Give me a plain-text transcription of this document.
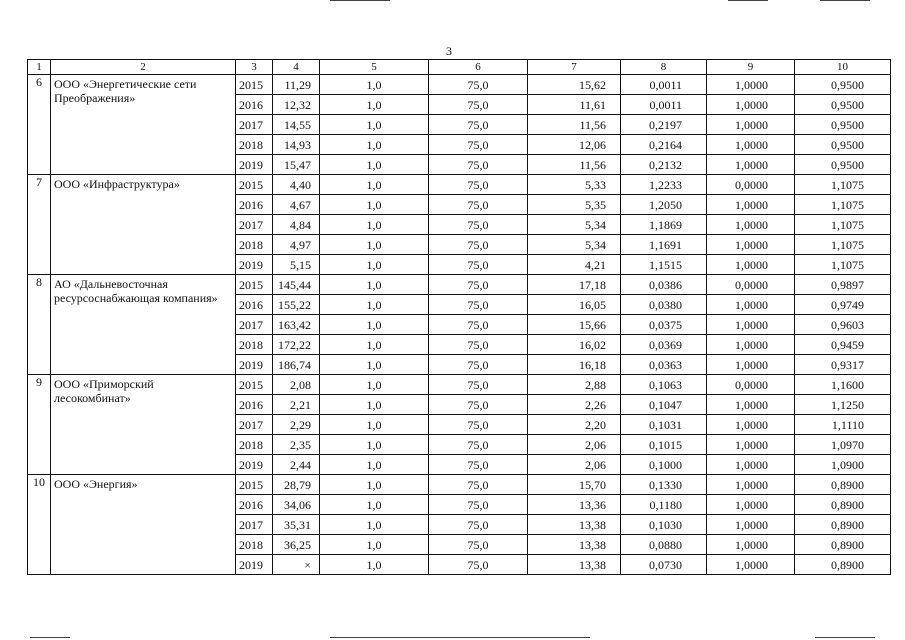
3
1	2	3	4	5	6	7	8	9	10
6	ООО «Энергетические сети Преображения»	2015	11,29	1,0	75,0	15,62	0,0011	1,0000	0,9500
		2016	12,32	1,0	75,0	11,61	0,0011	1,0000	0,9500
		2017	14,55	1,0	75,0	11,56	0,2197	1,0000	0,9500
		2018	14,93	1,0	75,0	12,06	0,2164	1,0000	0,9500
		2019	15,47	1,0	75,0	11,56	0,2132	1,0000	0,9500
7	ООО «Инфраструктура»	2015	4,40	1,0	75,0	5,33	1,2233	0,0000	1,1075
		2016	4,67	1,0	75,0	5,35	1,2050	1,0000	1,1075
		2017	4,84	1,0	75,0	5,34	1,1869	1,0000	1,1075
		2018	4,97	1,0	75,0	5,34	1,1691	1,0000	1,1075
		2019	5,15	1,0	75,0	4,21	1,1515	1,0000	1,1075
8	АО «Дальневосточная ресурсоснабжающая компания»	2015	145,44	1,0	75,0	17,18	0,0386	0,0000	0,9897
		2016	155,22	1,0	75,0	16,05	0,0380	1,0000	0,9749
		2017	163,42	1,0	75,0	15,66	0,0375	1,0000	0,9603
		2018	172,22	1,0	75,0	16,02	0,0369	1,0000	0,9459
		2019	186,74	1,0	75,0	16,18	0,0363	1,0000	0,9317
9	ООО «Приморский лесокомбинат»	2015	2,08	1,0	75,0	2,88	0,1063	0,0000	1,1600
		2016	2,21	1,0	75,0	2,26	0,1047	1,0000	1,1250
		2017	2,29	1,0	75,0	2,20	0,1031	1,0000	1,1110
		2018	2,35	1,0	75,0	2,06	0,1015	1,0000	1,0970
		2019	2,44	1,0	75,0	2,06	0,1000	1,0000	1,0900
10	ООО «Энергия»	2015	28,79	1,0	75,0	15,70	0,1330	1,0000	0,8900
		2016	34,06	1,0	75,0	13,36	0,1180	1,0000	0,8900
		2017	35,31	1,0	75,0	13,38	0,1030	1,0000	0,8900
		2018	36,25	1,0	75,0	13,38	0,0880	1,0000	0,8900
		2019	×	1,0	75,0	13,38	0,0730	1,0000	0,8900
